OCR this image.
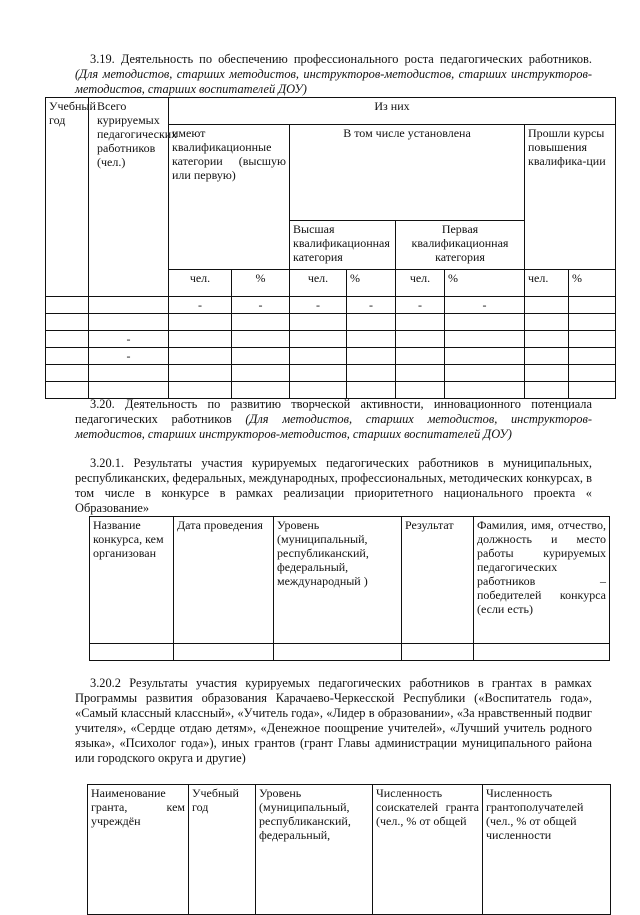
3.19. Деятельность по обеспечению профессионального роста педагогических работников. (Для методистов, старших методистов, инструкторов-методистов, старших инструкторов-методистов, старших воспитателей ДОУ)

Учебный год	Всего курируемых педагогических работников (чел.)	Из них							
		имеют квалификационные категории (высшую или первую)		В том числе установлена				Прошли курсы повышения квалифика-ции	
				Высшая квалификационная категория		Первая квалификационная категория			
		чел.	%	чел.	%	чел.	%	чел.	%
		-	-	-	-	-	-		

	-								
	-								

3.20. Деятельность по развитию творческой активности, инновационного потенциала педагогических работников (Для методистов, старших методистов, инструкторов-методистов, старших инструкторов-методистов, старших воспитателей ДОУ)

3.20.1. Результаты участия курируемых педагогических работников в муниципальных, республиканских, федеральных, международных, профессиональных, методических конкурсах, в том числе в конкурсе в рамках реализации приоритетного национального проекта « Образование»

Название конкурса, кем организован	Дата проведения	Уровень (муниципальный, республиканский, федеральный, международный )	Результат	Фамилия, имя, отчество, должность и место работы курируемых педагогических работников – победителей конкурса (если есть)

3.20.2 Результаты участия курируемых педагогических работников в грантах в рамках Программы развития образования Карачаево-Черкесской Республики («Воспитатель года», «Самый классный классный», «Учитель года», «Лидер в образовании», «За нравственный подвиг учителя», «Сердце отдаю детям», «Денежное поощрение учителей», «Лучший учитель родного языка», «Психолог года»), иных грантов (грант Главы администрации муниципального района или городского округа и другие)

Наименование гранта, кем учреждён	Учебный год	Уровень (муниципальный, республиканский, федеральный,	Численность соискателей гранта (чел., % от общей	Численность грантополучателей (чел., % от общей численности
